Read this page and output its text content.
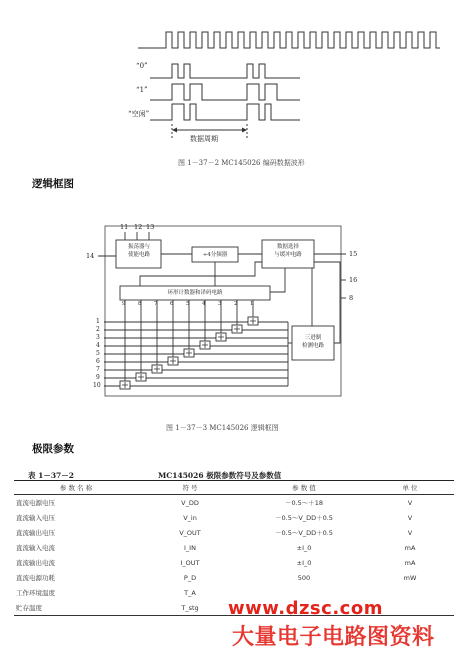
“0”
“1”
“空闲”
数据周期
图 1－37－2 MC145026 编码数据波形
逻辑框图
11 12 13
14	15
16
8
振荡器与
使能电路	÷4分频器
数据选择
与缓冲电路
环形计数器和译码电路
三进制
检测电路
9 8 7 6 5 4 3 2 1
1
2
3
4
5
6
7
9
10
图 1－37－3 MC145026 逻辑框图
极限参数
表 1－37－2	MC145026 极限参数符号及参数值
参 数 名 称	符 号	参 数 值	单 位
直流电源电压	V_DD	－0.5～＋18	V
直流输入电压	V_in	－0.5～V_DD＋0.5	V
直流输出电压	V_OUT	－0.5～V_DD＋0.5	V
直流输入电流	I_IN	±I_0	mA
直流输出电流	I_OUT	±I_0	mA
直流电源功耗	P_D	500	mW
工作环境温度	T_A		
贮存温度	T_stg		www.dzsc.com
大量电子电路图资料
